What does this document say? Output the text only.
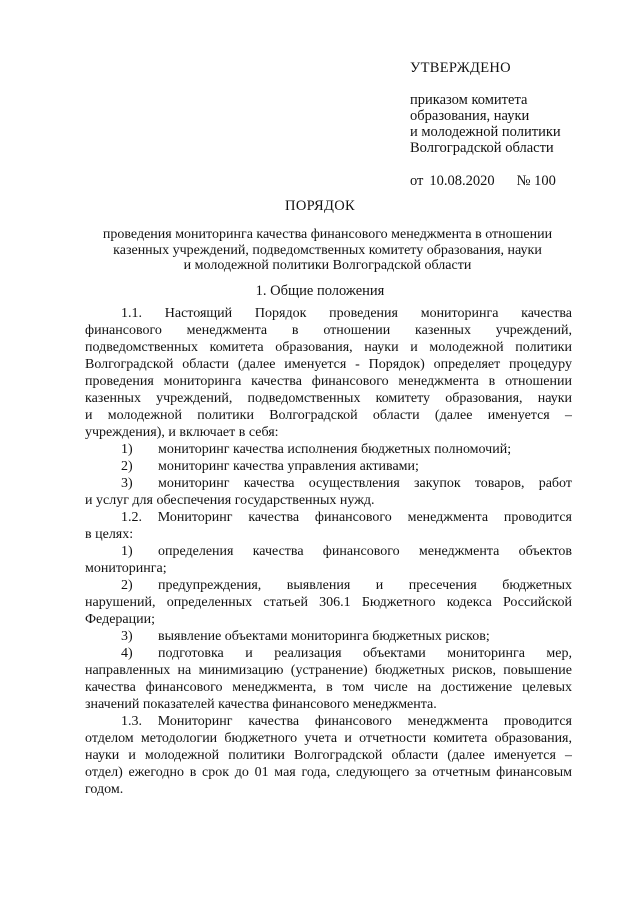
УТВЕРЖДЕНО
приказом комитета
образования, науки
и молодежной политики
Волгоградской области
от 10.08.2020 № 100
ПОРЯДОК
проведения мониторинга качества финансового менеджмента в отношении
казенных учреждений, подведомственных комитету образования, науки
и молодежной политики Волгоградской области
1. Общие положения
1.1. Настоящий Порядок проведения мониторинга качества
финансового менеджмента в отношении казенных учреждений,
подведомственных комитета образования, науки и молодежной политики
Волгоградской области (далее именуется - Порядок) определяет процедуру
проведения мониторинга качества финансового менеджмента в отношении
казенных учреждений, подведомственных комитету образования, науки
и молодежной политики Волгоградской области (далее именуется –
учреждения), и включает в себя:
1)	мониторинг качества исполнения бюджетных полномочий;
2)	мониторинг качества управления активами;
3)	мониторинг качества осуществления закупок товаров, работ
и услуг для обеспечения государственных нужд.
1.2. Мониторинг качества финансового менеджмента проводится
в целях:
1)	определения качества финансового менеджмента объектов
мониторинга;
2)	предупреждения, выявления и пресечения бюджетных
нарушений, определенных статьей 306.1 Бюджетного кодекса Российской
Федерации;
3)	выявление объектами мониторинга бюджетных рисков;
4)	подготовка и реализация объектами мониторинга мер,
направленных на минимизацию (устранение) бюджетных рисков, повышение
качества финансового менеджмента, в том числе на достижение целевых
значений показателей качества финансового менеджмента.
1.3. Мониторинг качества финансового менеджмента проводится
отделом методологии бюджетного учета и отчетности комитета образования,
науки и молодежной политики Волгоградской области (далее именуется –
отдел) ежегодно в срок до 01 мая года, следующего за отчетным финансовым
годом.
